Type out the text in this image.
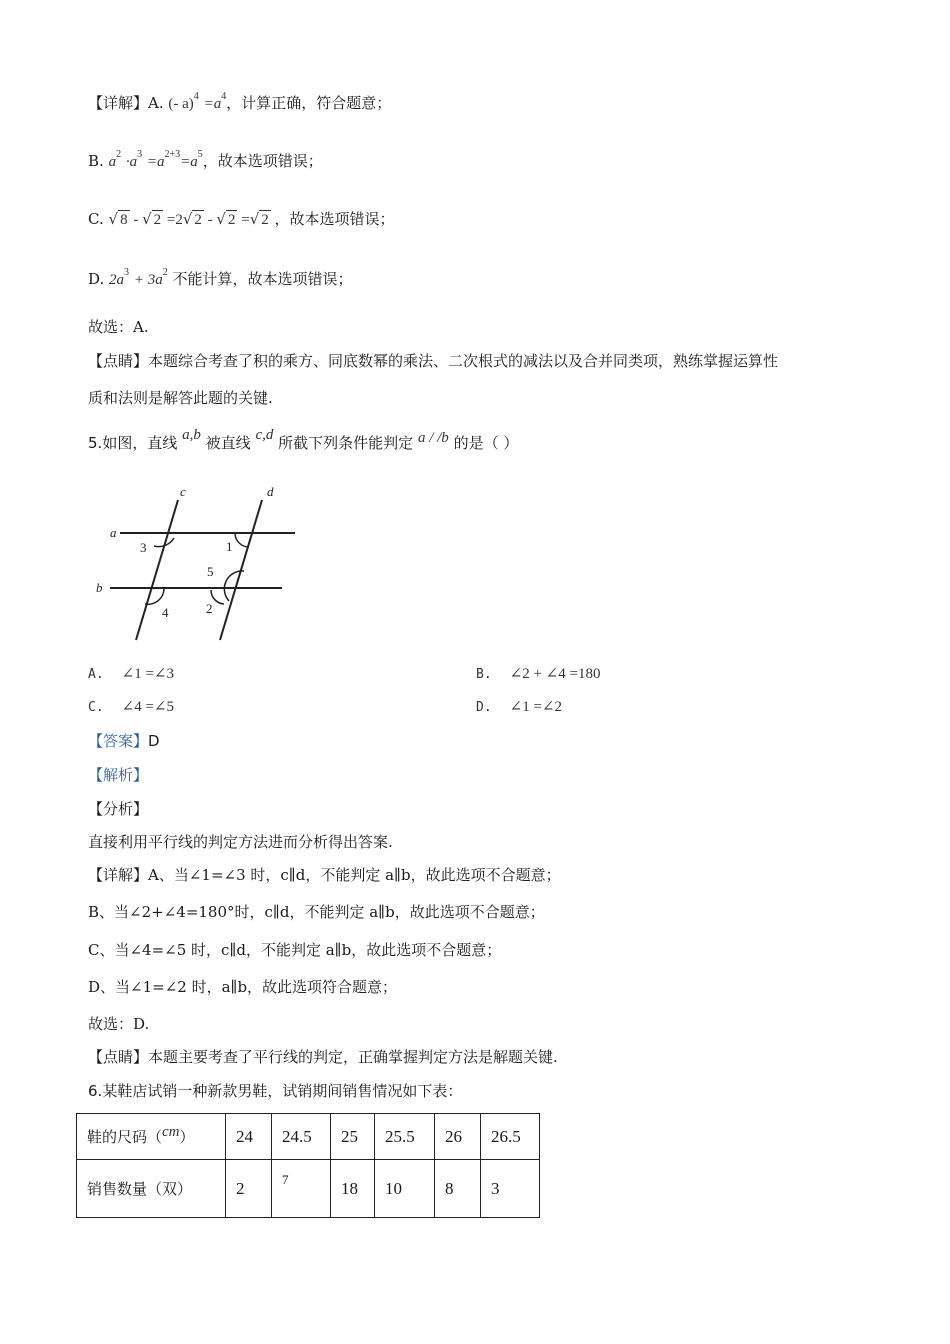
【详解】A. (- $a)^4 =a^4$，计算正确，符合题意；
B. $a^2 \cdot a^3 =a^{2+3}=a^5$，故本选项错误；
C. √ 8 - √ 2 =2√ 2 - √ 2 =√ 2 ，故本选项错误；
D. $2a^3 + 3a^2$ 不能计算，故本选项错误；
故选：A.
【点睛】本题综合考查了积的乘方、同底数幂的乘法、二次根式的减法以及合并同类项，熟练掌握运算性
质和法则是解答此题的关键.
5.如图，直线 a,b 被直线 c,d 所截下列条件能判定 a / /b 的是（ ）
a
b
c	d
1
2
3
4
5
A. ∠1 =∠3	B. ∠2 + ∠4 =180
C. ∠4 =∠5	D. ∠1 =∠2
【答案】D
【解析】
【分析】
直接利用平行线的判定方法进而分析得出答案.
【详解】A、当∠1=∠3 时，c∥d，不能判定 a∥b，故此选项不合题意；
B、当∠2+∠4=180°时，c∥d，不能判定 a∥b，故此选项不合题意；
C、当∠4=∠5 时，c∥d，不能判定 a∥b，故此选项不合题意；
D、当∠1=∠2 时，a∥b，故此选项符合题意；
故选：D.
【点睛】本题主要考查了平行线的判定，正确掌握判定方法是解题关键.
6.某鞋店试销一种新款男鞋，试销期间销售情况如下表：
鞋的尺码（cm）	24	24.5	25	25.5	26	26.5
销售数量（双）	2	7	18	10	8	3
